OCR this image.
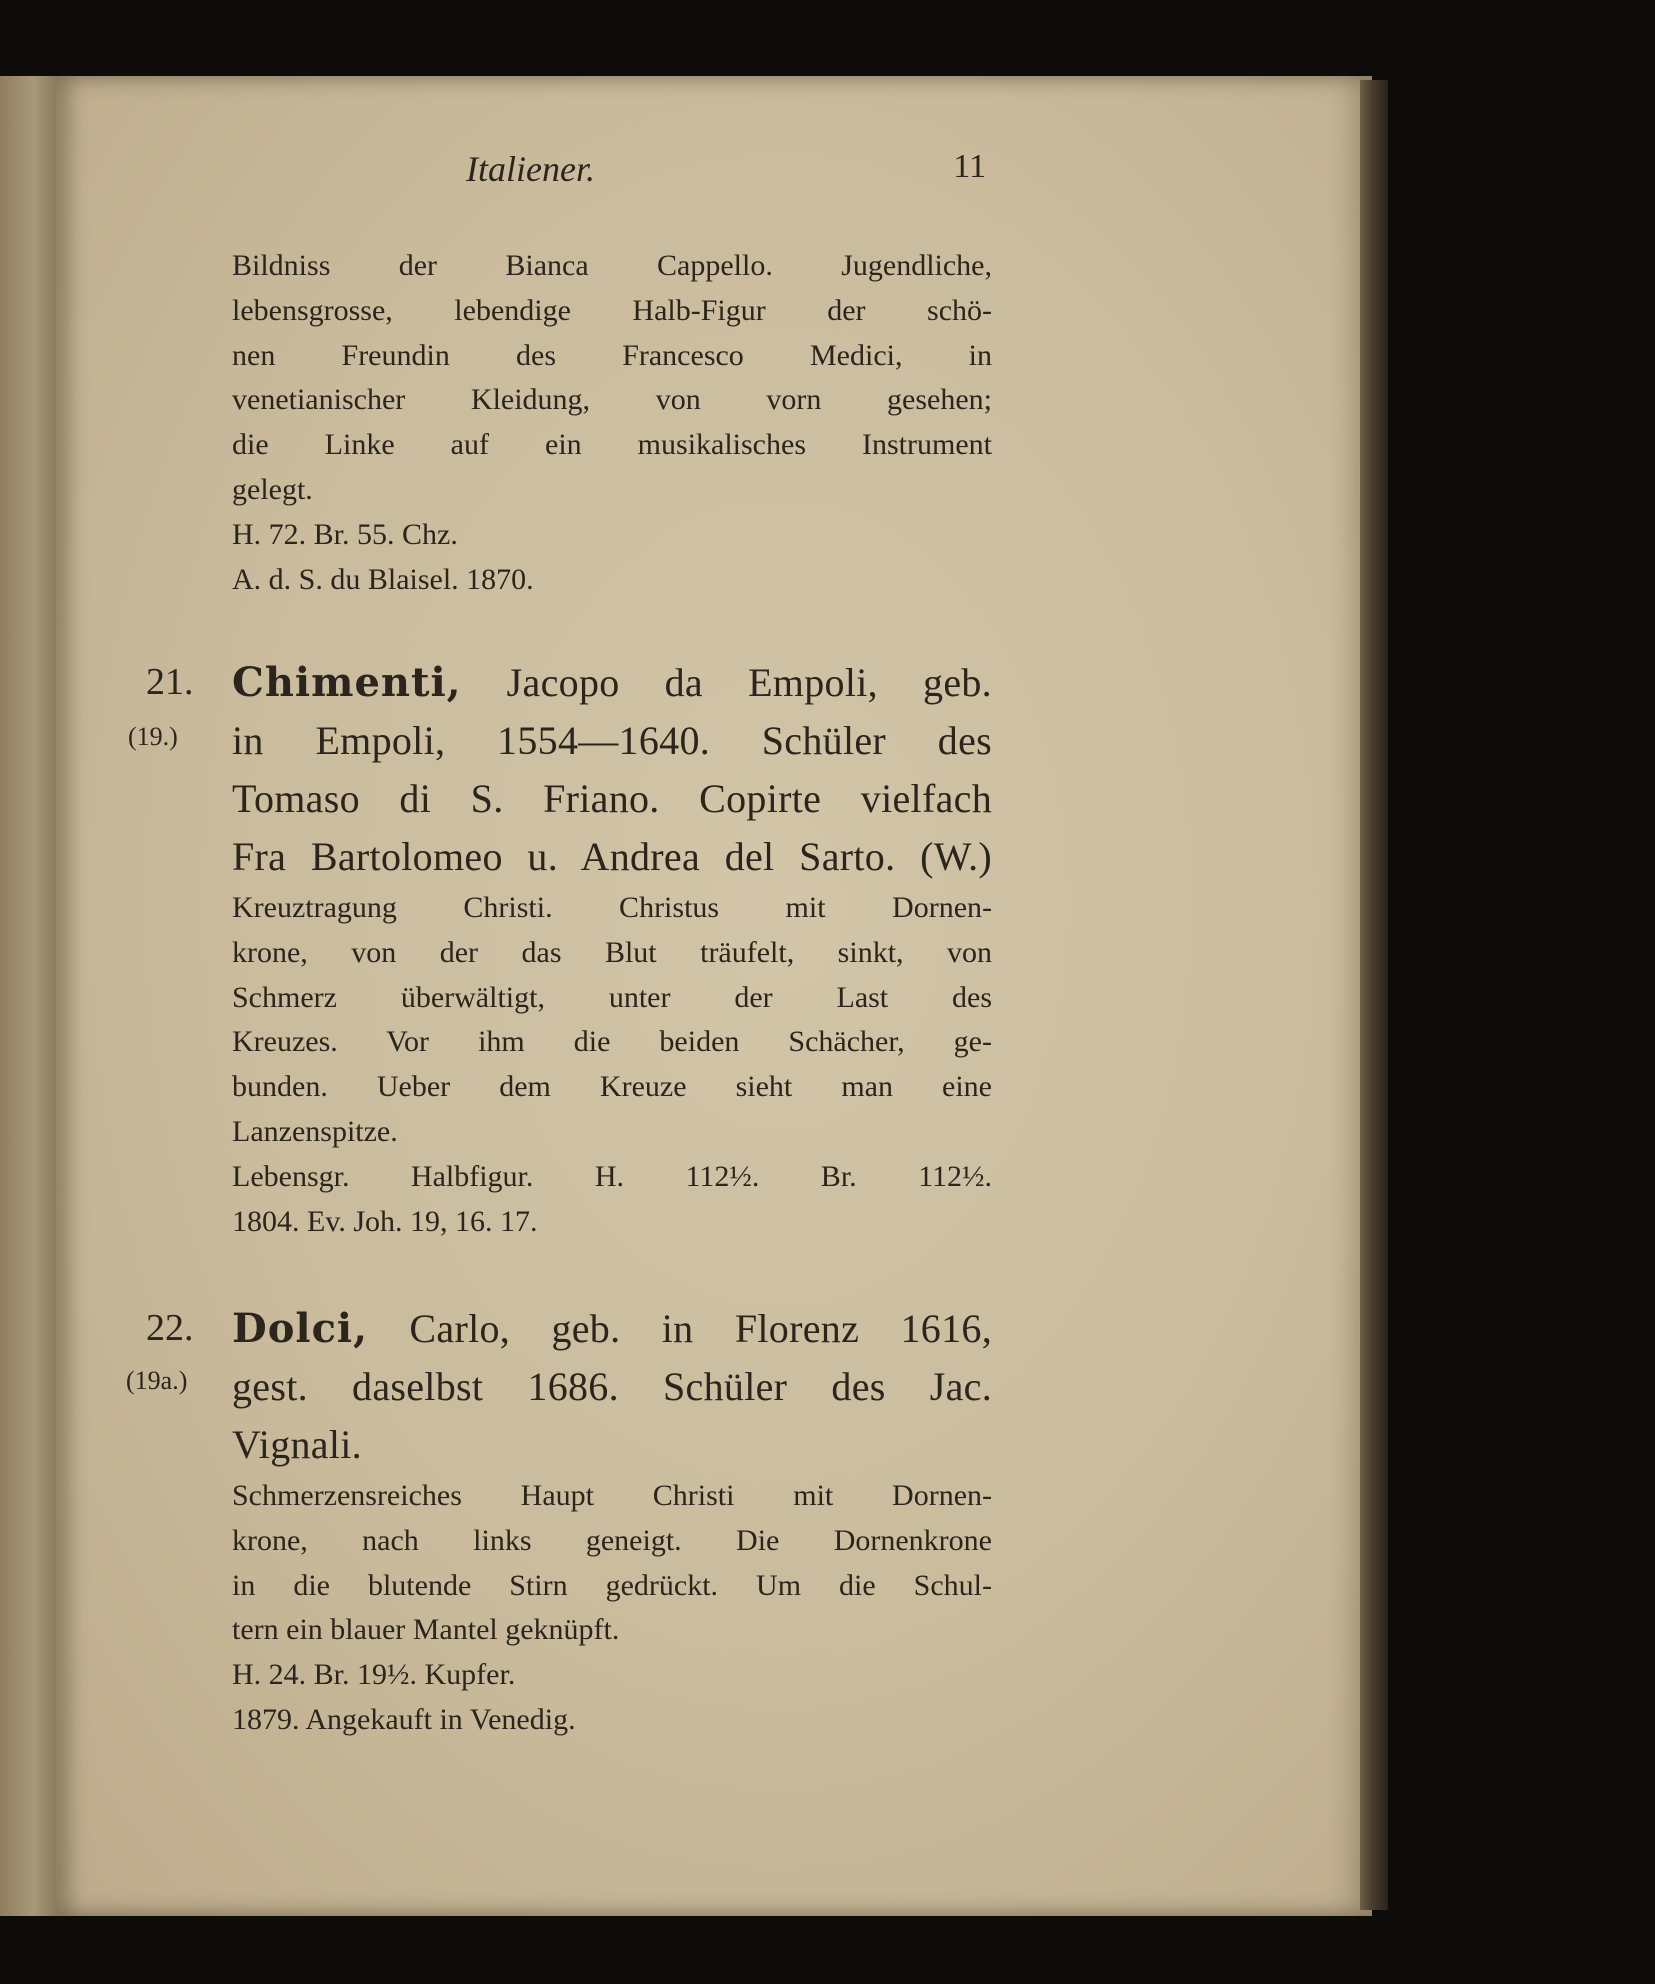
Italiener.	11
Bildniss der Bianca Cappello. Jugendliche,
lebensgrosse, lebendige Halb-Figur der schö-
nen Freundin des Francesco Medici, in
venetianischer Kleidung, von vorn gesehen;
die Linke auf ein musikalisches Instrument
gelegt.
H. 72. Br. 55. Chz.
A. d. S. du Blaisel. 1870.
21.
(19.)
Chimenti, Jacopo da Empoli, geb.
in Empoli, 1554—1640. Schüler des
Tomaso di S. Friano. Copirte vielfach
Fra Bartolomeo u. Andrea del Sarto. (W.)
Kreuztragung Christi. Christus mit Dornen-
krone, von der das Blut träufelt, sinkt, von
Schmerz überwältigt, unter der Last des
Kreuzes. Vor ihm die beiden Schächer, ge-
bunden. Ueber dem Kreuze sieht man eine
Lanzenspitze.
Lebensgr. Halbfigur. H. 112½. Br. 112½.
1804. Ev. Joh. 19, 16. 17.
22.
(19a.)
Dolci, Carlo, geb. in Florenz 1616,
gest. daselbst 1686. Schüler des Jac.
Vignali.
Schmerzensreiches Haupt Christi mit Dornen-
krone, nach links geneigt. Die Dornenkrone
in die blutende Stirn gedrückt. Um die Schul-
tern ein blauer Mantel geknüpft.
H. 24. Br. 19½. Kupfer.
1879. Angekauft in Venedig.
